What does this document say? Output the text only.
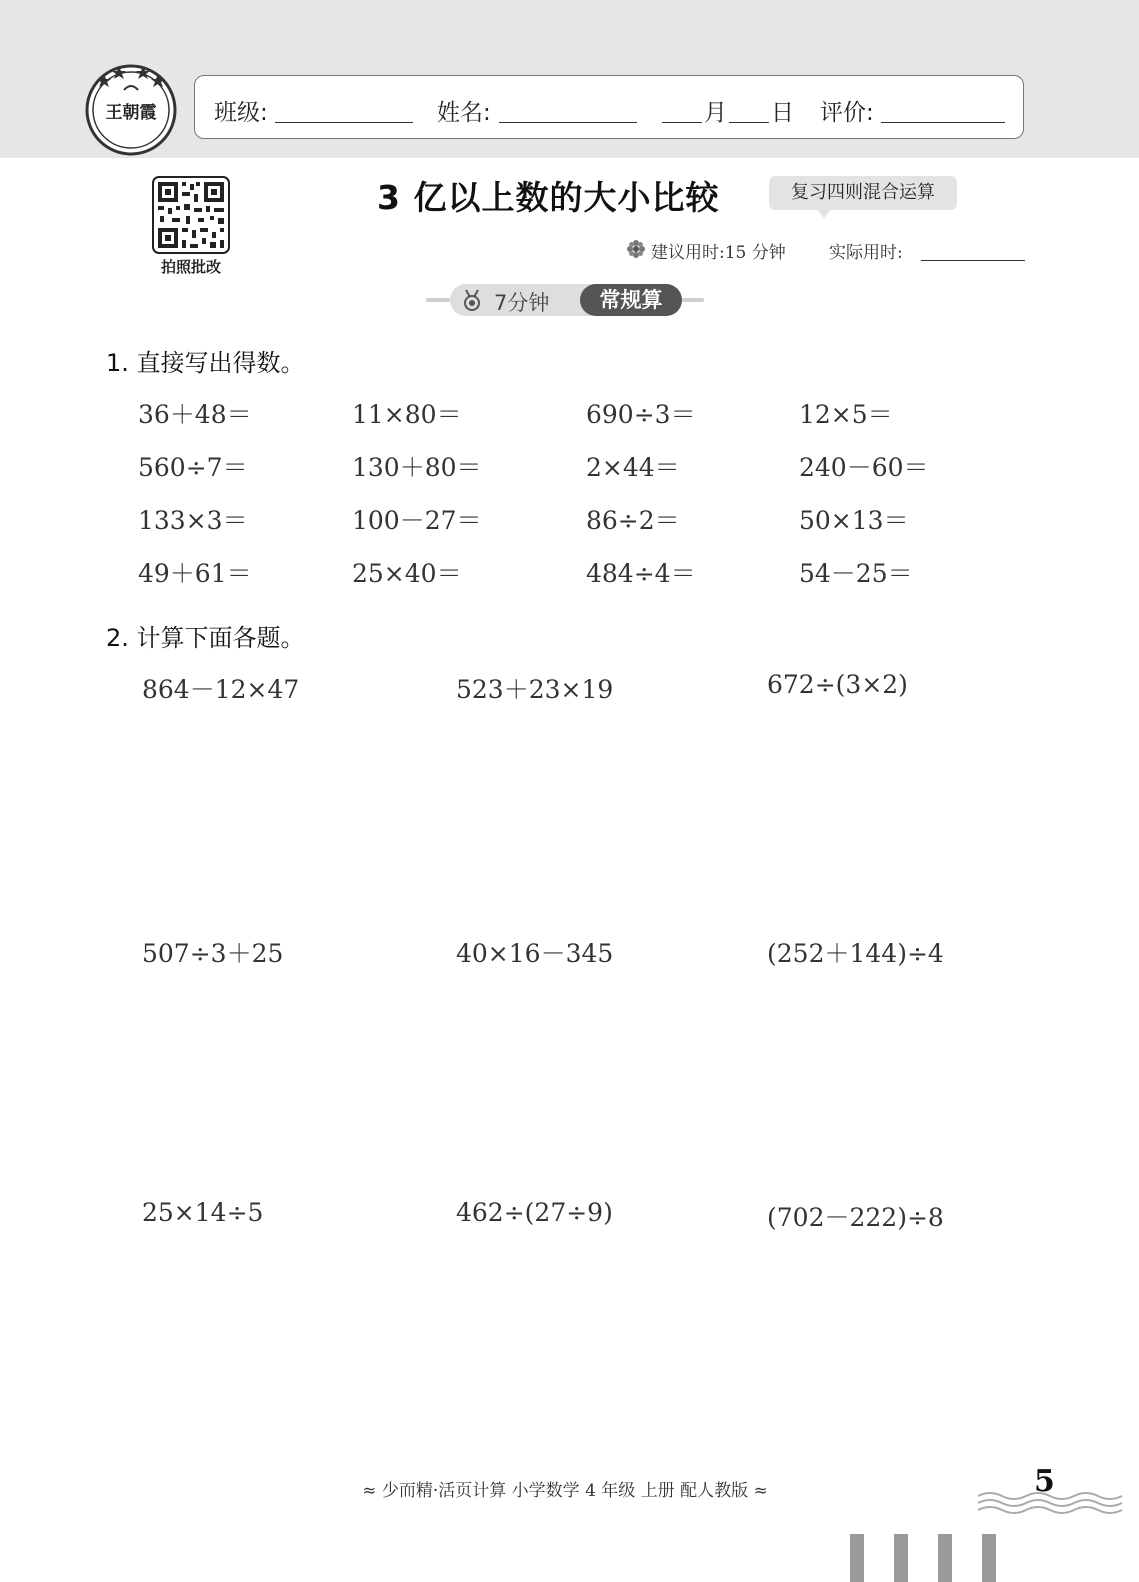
王朝霞	班级:	姓名:	月 日 评价:
拍照批改
3 亿以上数的大小比较	复习四则混合运算
建议用时:15 分钟	实际用时:
7分钟	常规算
1. 直接写出得数。
36＋48＝	11×80＝	690÷3＝	12×5＝
560÷7＝	130＋80＝	2×44＝	240－60＝
133×3＝	100－27＝	86÷2＝	50×13＝
49＋61＝	25×40＝	484÷4＝	54－25＝
2. 计算下面各题。
864－12×47	523＋23×19	672÷(3×2)
507÷3＋25	40×16－345	(252＋144)÷4
25×14÷5	462÷(27÷9)	(702－222)÷8
≈ 少而精·活页计算 小学数学 4 年级 上册 配人教版 ≈	5
